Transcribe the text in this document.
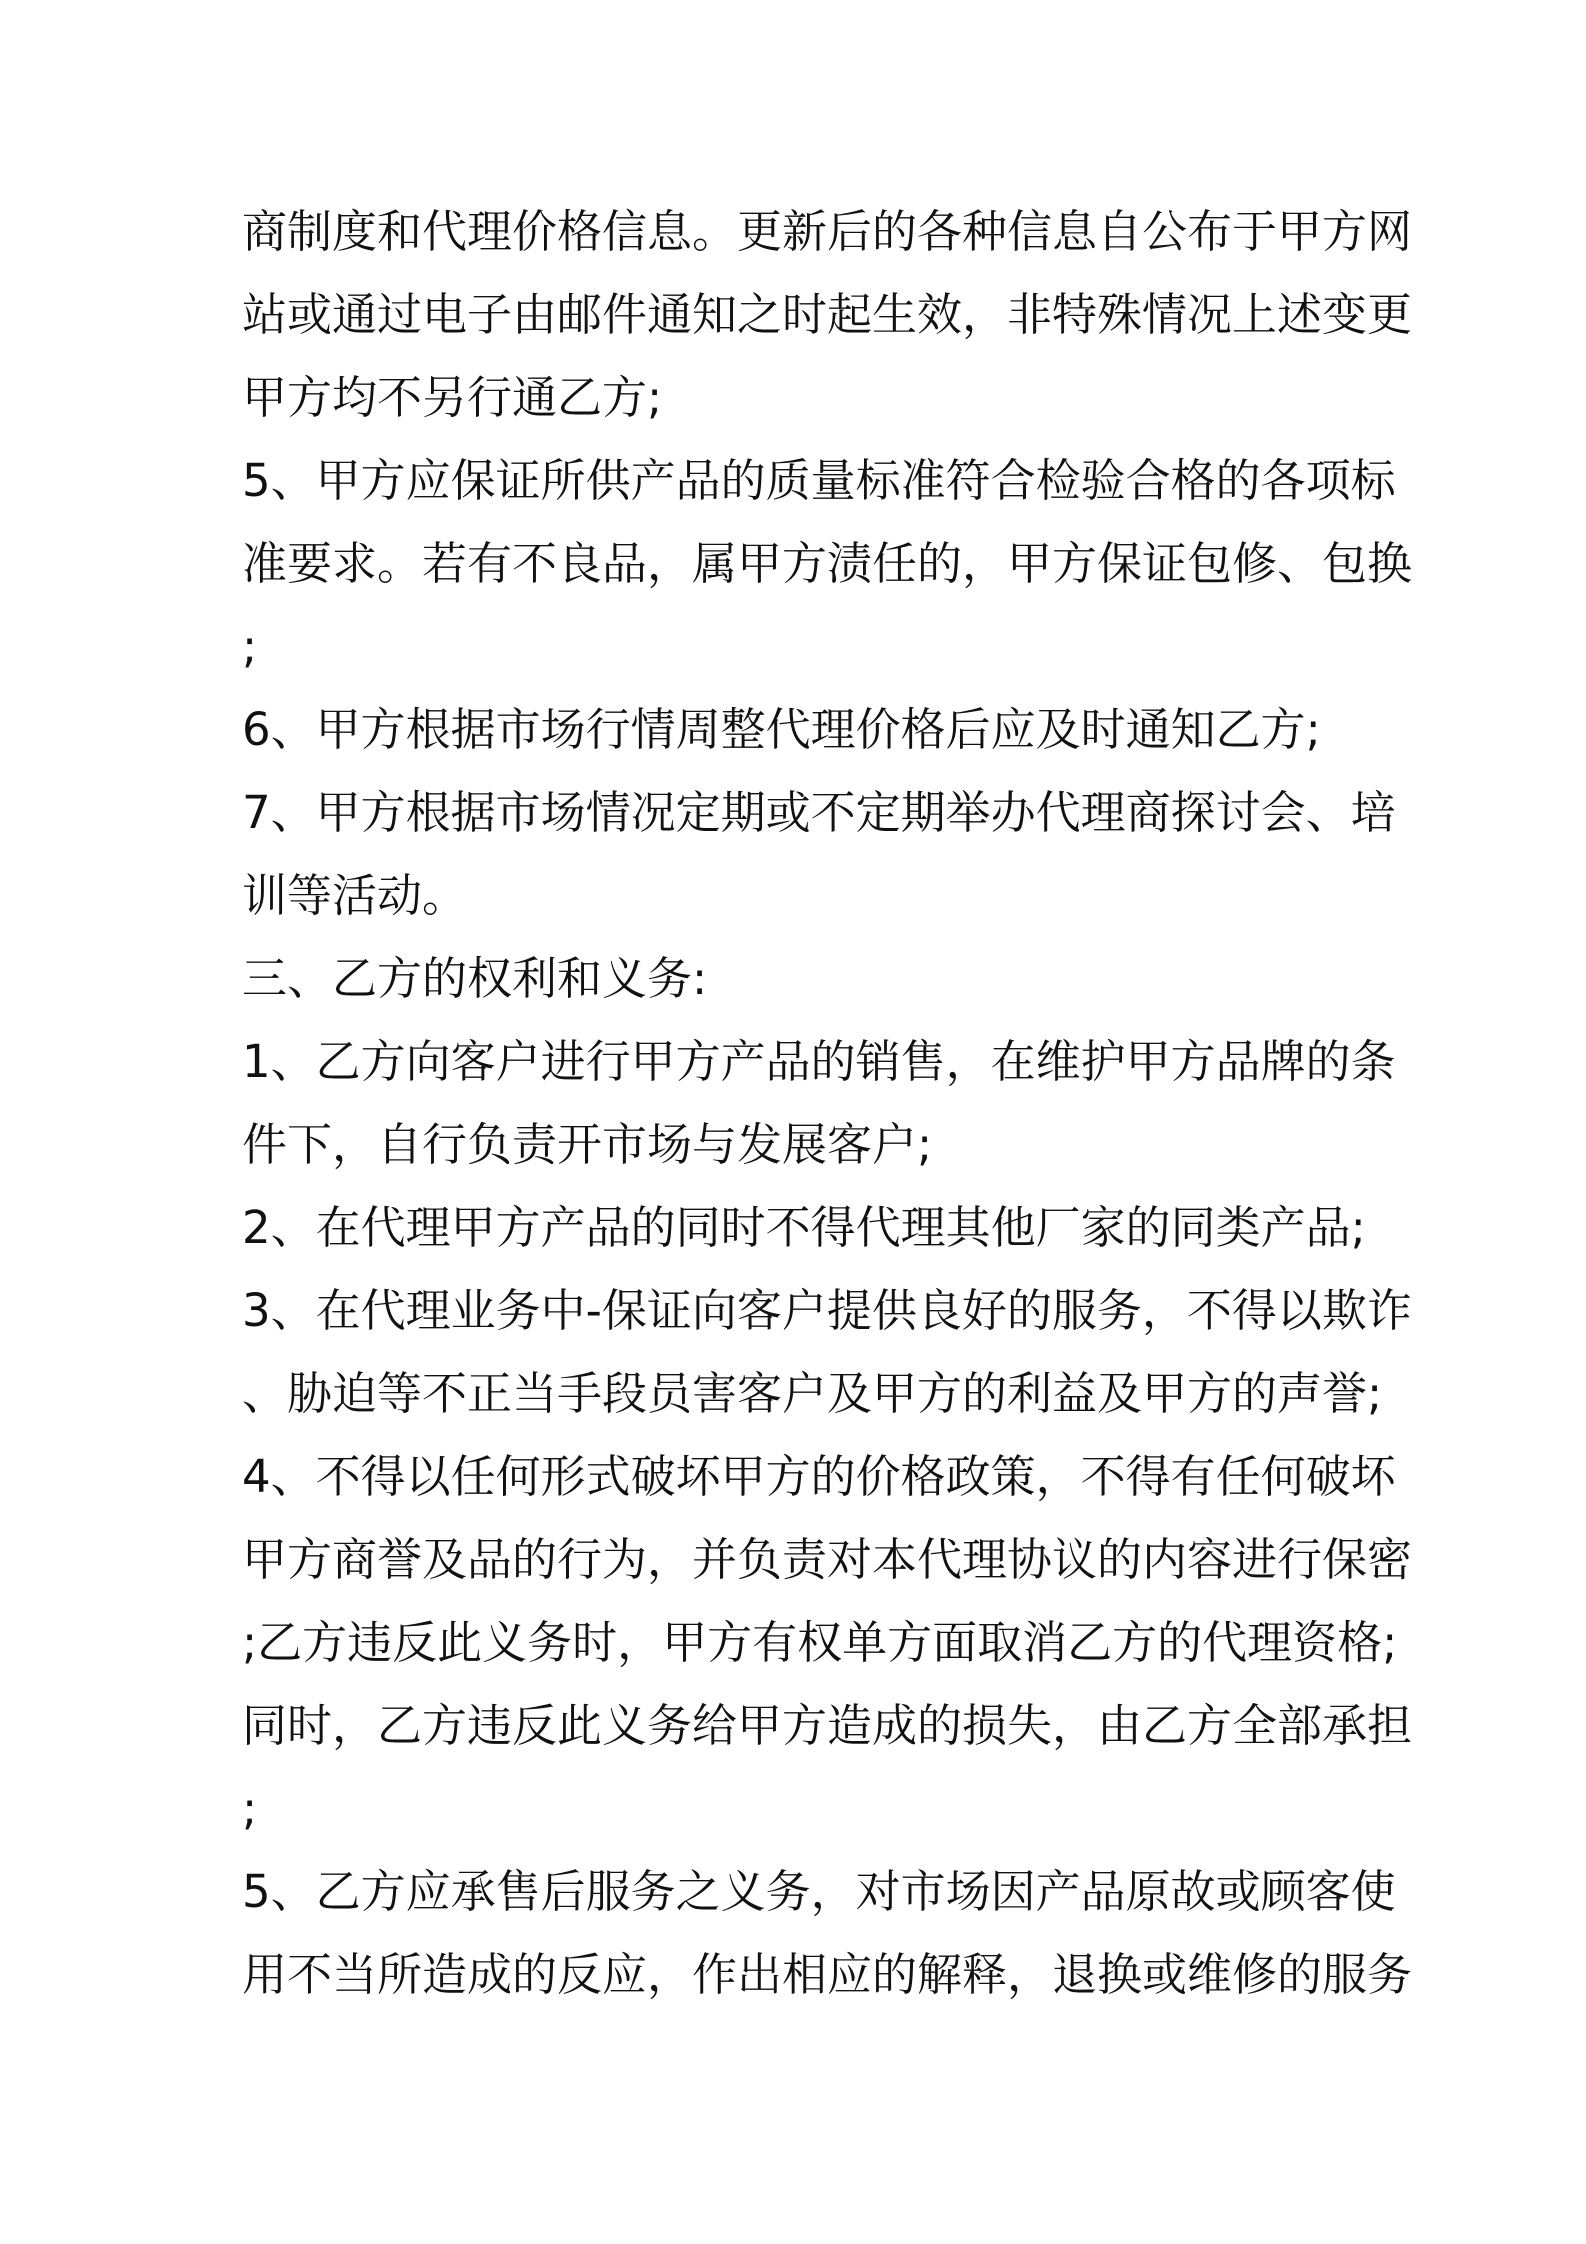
商制度和代理价格信息。更新后的各种信息自公布于甲方网
站或通过电子由邮件通知之时起生效，非特殊情况上述变更
甲方均不另行通乙方;
5、甲方应保证所供产品的质量标准符合检验合格的各项标
准要求。若有不良品，属甲方渍任的，甲方保证包修、包换
;
6、甲方根据市场行情周整代理价格后应及时通知乙方;
7、甲方根据市场情况定期或不定期举办代理商探讨会、培
训等活动。
三、乙方的权利和义务:
1、乙方向客户进行甲方产品的销售，在维护甲方品牌的条
件下，自行负责开市场与发展客户;
2、在代理甲方产品的同时不得代理其他厂家的同类产品;
3、在代理业务中-保证向客户提供良好的服务，不得以欺诈
、胁迫等不正当手段员害客户及甲方的利益及甲方的声誉;
4、不得以任何形式破坏甲方的价格政策，不得有任何破坏
甲方商誉及品的行为，并负责对本代理协议的内容进行保密
;乙方违反此义务时，甲方有权单方面取消乙方的代理资格;
同时，乙方违反此义务给甲方造成的损失，由乙方全部承担
;
5、乙方应承售后服务之义务，对市场因产品原故或顾客使
用不当所造成的反应，作出相应的解释，退换或维修的服务
